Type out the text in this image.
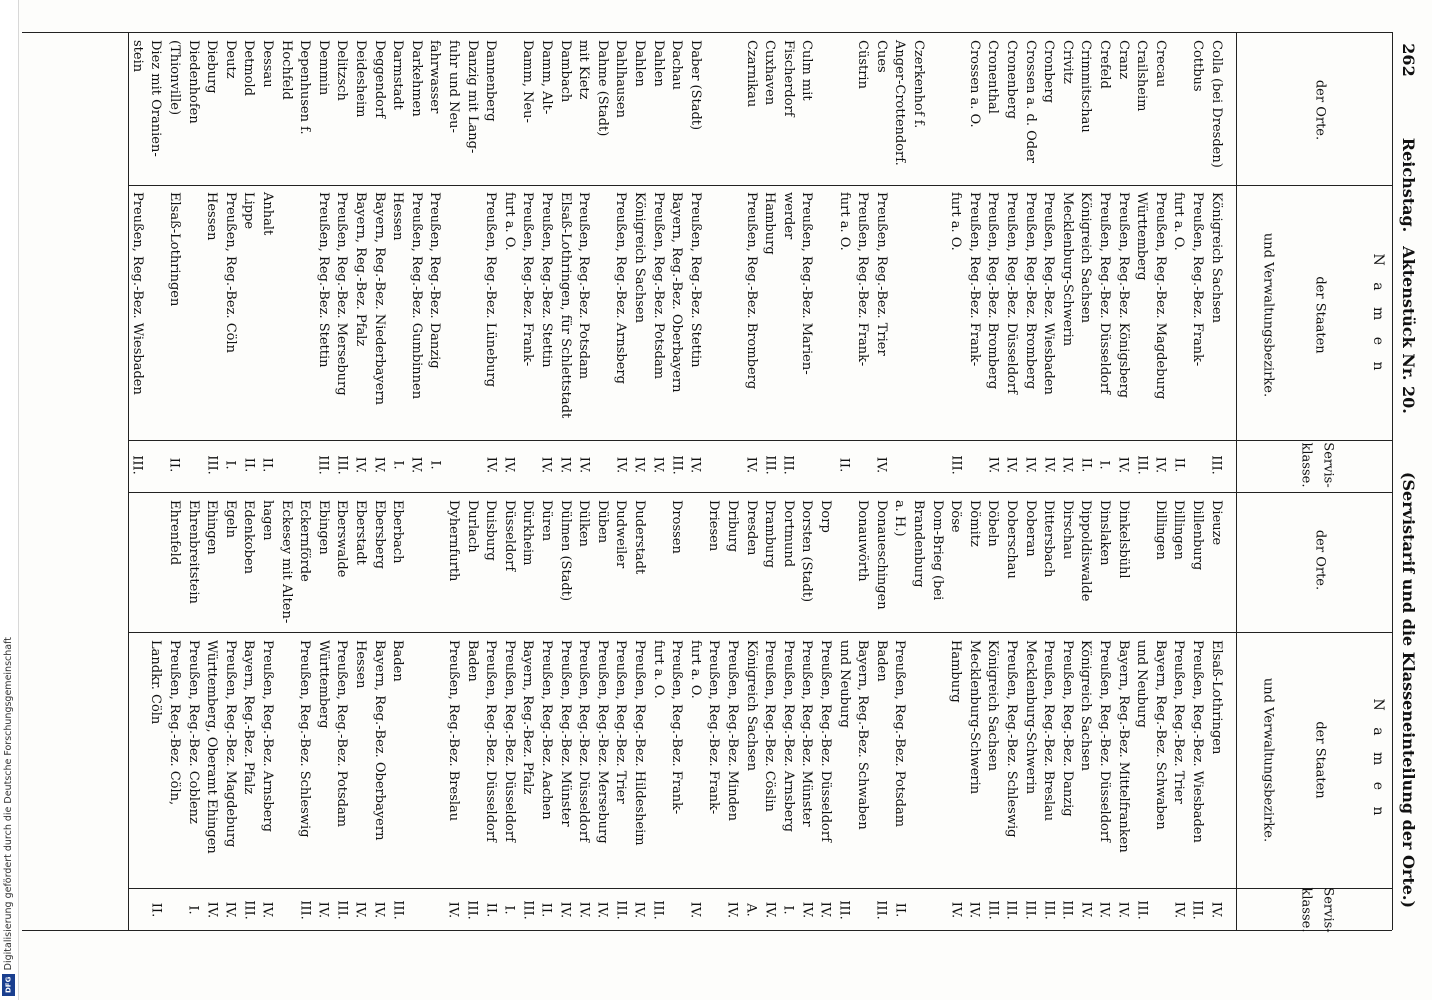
Digitalisierung gefördert durch die Deutsche Forschungsgemeinschaft
DFG
262
Reichstag.
Aktenstück Nr. 20.
(Servistarif und die Klasseneinteilung der Orte.)
der Orte.
N a m e n
der Staaten
und Verwaltungsbezirke.
Servis-
klasse.
der Orte.
N a m e n
der Staaten
und Verwaltungsbezirke.
Servis-
klasse.
Colla (bei Dresden)
Königreich Sachsen
III.
Cottbus
Preußen, Reg.-Bez. Frank-
furt a. O.
II.
Crecau
Preußen, Reg.-Bez. Magdeburg
IV.
Crailsheim
Württemberg
III.
Cranz
Preußen, Reg.-Bez. Königsberg
IV.
Crefeld
Preußen, Reg.-Bez. Düsseldorf
I.
Crimmitschau
Königreich Sachsen
II.
Crivitz
Mecklenburg-Schwerin
IV.
Cronberg
Preußen, Reg.-Bez. Wiesbaden
IV.
Crossen a. d. Oder
Preußen, Reg.-Bez. Bromberg
IV.
Cronenberg
Preußen, Reg.-Bez. Düsseldorf
IV.
Cronenthal
Preußen, Reg.-Bez. Bromberg
IV.
Crossen a. O.
Preußen, Reg.-Bez. Frank-
furt a. O.
III.
Czerkenhof f.
Anger-Crottendorf.
Cues
Preußen, Reg.-Bez. Trier
IV.
Cüstrin
Preußen, Reg.-Bez. Frank-
furt a. O.
II.
Culm mit
Preußen, Reg.-Bez. Marien-
Fischerdorf
werder
III.
Cuxhaven
Hamburg
III.
Czarnikau
Preußen, Reg.-Bez. Bromberg
IV.
Daber (Stadt)
Preußen, Reg.-Bez. Stettin
IV.
Dachau
Bayern, Reg.-Bez. Oberbayern
III.
Dahlen
Preußen, Reg.-Bez. Potsdam
IV.
Dahlen
Königreich Sachsen
IV.
Dahlhausen
Preußen, Reg.-Bez. Arnsberg
IV.
Dahme (Stadt)
mit Kietz
Preußen, Reg.-Bez. Potsdam
IV.
Dambach
Elsaß-Lothringen, für Schlettstadt
IV.
Damm, Alt-
Preußen, Reg.-Bez. Stettin
IV.
Damm, Neu-
Preußen, Reg.-Bez. Frank-
furt a. O.
IV.
Dannenberg
Preußen, Reg.-Bez. Lüneburg
IV.
Danzig mit Lang-
fuhr und Neu-
fahrwasser
Preußen, Reg.-Bez. Danzig
I.
Darkehmen
Preußen, Reg.-Bez. Gumbinnen
IV.
Darmstadt
Hessen
I.
Deggendorf
Bayern, Reg.-Bez. Niederbayern
IV.
Deidesheim
Bayern, Reg.-Bez. Pfalz
IV.
Delitzsch
Preußen, Reg.-Bez. Merseburg
III.
Demmin
Preußen, Reg.-Bez. Stettin
III.
Depenhusen f.
Hochfeld
Dessau
Anhalt
II.
Detmold
Lippe
II.
Deutz
Preußen, Reg.-Bez. Cöln
I.
Dieburg
Hessen
III.
Diedenhofen
(Thionville)
Elsaß-Lothringen
II.
Diez mit Oranien-
stein
Preußen, Reg.-Bez. Wiesbaden
III.
Dieuze
Elsaß-Lothringen
IV.
Dillenburg
Preußen, Reg.-Bez. Wiesbaden
III.
Dillingen
Preußen, Reg.-Bez. Trier
IV.
Dillingen
Bayern, Reg.-Bez. Schwaben
und Neuburg
III.
Dinkelsbühl
Bayern, Reg.-Bez. Mittelfranken
IV.
Dinslaken
Preußen, Reg.-Bez. Düsseldorf
IV.
Dippoldiswalde
Königreich Sachsen
IV.
Dirschau
Preußen, Reg.-Bez. Danzig
III.
Dittersbach
Preußen, Reg.-Bez. Breslau
III.
Doberan
Mecklenburg-Schwerin
III.
Doberschau
Preußen, Reg.-Bez. Schleswig
III.
Döbeln
Königreich Sachsen
III.
Dömitz
Mecklenburg-Schwerin
IV.
Döse
Hamburg
IV.
Dom-Brieg (bei
Brandenburg
a. H.)
Preußen, Reg.-Bez. Potsdam
II.
Donaueschingen
Baden
III.
Donauwörth
Bayern, Reg.-Bez. Schwaben
und Neuburg
III.
Dorp
Preußen, Reg.-Bez. Düsseldorf
IV.
Dorsten (Stadt)
Preußen, Reg.-Bez. Münster
IV.
Dortmund
Preußen, Reg.-Bez. Arnsberg
I.
Dramburg
Preußen, Reg.-Bez. Cöslin
IV.
Dresden
Königreich Sachsen
A.
Driburg
Preußen, Reg.-Bez. Minden
IV.
Driesen
Preußen, Reg.-Bez. Frank-
furt a. O.
IV.
Drossen
Preußen, Reg.-Bez. Frank-
furt a. O.
III.
Duderstadt
Preußen, Reg.-Bez. Hildesheim
IV.
Dudweiler
Preußen, Reg.-Bez. Trier
III.
Düben
Preußen, Reg.-Bez. Merseburg
IV.
Dülken
Preußen, Reg.-Bez. Düsseldorf
IV.
Dülmen (Stadt)
Preußen, Reg.-Bez. Münster
IV.
Düren
Preußen, Reg.-Bez. Aachen
II.
Dürkheim
Bayern, Reg.-Bez. Pfalz
III.
Düsseldorf
Preußen, Reg.-Bez. Düsseldorf
I.
Duisburg
Preußen, Reg.-Bez. Düsseldorf
II.
Durlach
Baden
III.
Dyhernfurth
Preußen, Reg.-Bez. Breslau
IV.
Eberbach
Baden
III.
Ebersberg
Bayern, Reg.-Bez. Oberbayern
IV.
Eberstadt
Hessen
IV.
Eberswalde
Preußen, Reg.-Bez. Potsdam
III.
Ebingen
Württemberg
IV.
Eckernförde
Preußen, Reg.-Bez. Schleswig
III.
Eckesey mit Alten-
hagen
Preußen, Reg.-Bez. Arnsberg
IV.
Edenkoben
Bayern, Reg.-Bez. Pfalz
III.
Egeln
Preußen, Reg.-Bez. Magdeburg
IV.
Ehingen
Württemberg, Oberamt Ehingen
IV.
Ehrenbreitstein
Preußen, Reg.-Bez. Coblenz
I.
Ehrenfeld
Preußen, Reg.-Bez. Cöln,
Landkr. Cöln
II.
